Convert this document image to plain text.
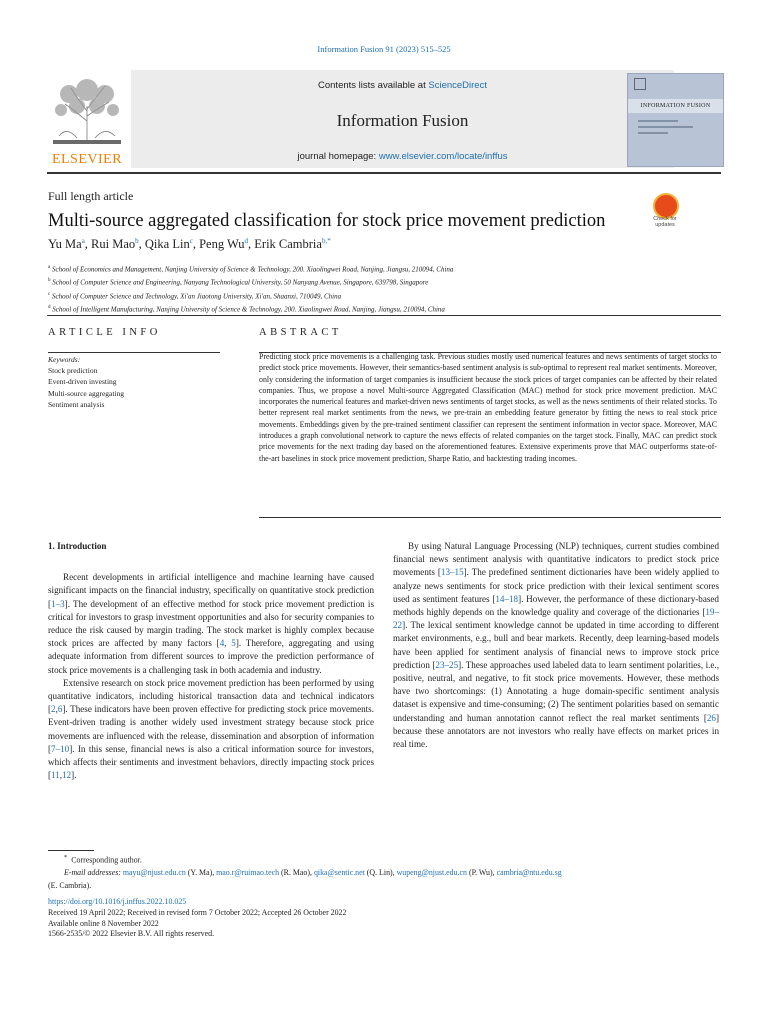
Information Fusion 91 (2023) 515–525
ELSEVIER
Contents lists available at ScienceDirect
Information Fusion
journal homepage: www.elsevier.com/locate/inffus
INFORMATION FUSION
Full length article
Multi-source aggregated classification for stock price movement prediction	Check for updates
Yu Ma$^a$, Rui Mao$^b$, Qika Lin$^c$, Peng Wu$^d$, Erik Cambria$^{b,*}$
$^a$ School of Economics and Management, Nanjing University of Science & Technology, 200. Xiaolingwei Road, Nanjing, Jiangsu, 210094, China
$^b$ School of Computer Science and Engineering, Nanyang Technological University, 50 Nanyang Avenue, Singapore, 639798, Singapore
$^c$ School of Computer Science and Technology, Xi'an Jiaotong University, Xi'an, Shaanxi, 710049, China
$^d$ School of Intelligent Manufacturing, Nanjing University of Science & Technology, 200. Xiaolingwei Road, Nanjing, Jiangsu, 210094, China
ARTICLE INFO	ABSTRACT
Keywords:
Stock prediction
Event-driven investing
Multi-source aggregating
Sentiment analysis
Predicting stock price movements is a challenging task. Previous studies mostly used numerical features and news sentiments of target stocks to predict stock price movements. However, their semantics-based sentiment analysis is sub-optimal to represent real market sentiments. Moreover, only considering the information of target companies is insufficient because the stock prices of target companies can be affected by their related companies. Thus, we propose a novel Multi-source Aggregated Classification (MAC) method for stock price movement prediction. MAC incorporates the numerical features and market-driven news sentiments of target stocks, as well as the news sentiments of their related stocks. To better represent real market sentiments from the news, we pre-train an embedding feature generator by fitting the news to real stock price movements. Embeddings given by the pre-trained sentiment classifier can represent the sentiment information in vector space. Moreover, MAC introduces a graph convolutional network to capture the news effects of related companies on the target stock. Finally, MAC can predict stock price movements for the next trading day based on the aforementioned features. Extensive experiments prove that MAC outperforms state-of-the-art baselines in stock price movement prediction, Sharpe Ratio, and backtesting trading incomes.
1. Introduction

Recent developments in artificial intelligence and machine learning have caused significant impacts on the financial industry, specifically on quantitative stock prediction [1–3]. The development of an effective method for stock price movement prediction is critical for investors to grasp investment opportunities and also for security companies to reduce the risk caused by margin trading. The stock market is highly complex because stock prices are affected by many factors [4, 5]. Therefore, aggregating and using adequate information from different sources to improve the prediction performance of stock price movements is a challenging task in both academia and industry.

Extensive research on stock price movement prediction has been performed by using quantitative indicators, including historical transaction data and technical indicators [2,6]. These indicators have been proven effective for predicting stock price movements. Event-driven trading is another widely used investment strategy because stock price movements are influenced with the release, dissemination and absorption of information [7–10]. In this sense, financial news is also a critical information source for investors, which affects their sentiments and investment behaviors, directly impacting stock prices [11,12].

By using Natural Language Processing (NLP) techniques, current studies combined financial news sentiment analysis with quantitative indicators to predict stock price movements [13–15]. The predefined sentiment dictionaries have been widely applied to analyze news sentiments for stock price prediction with their lexical sentiment scores used as sentiment features [14–18]. However, the performance of these dictionary-based methods highly depends on the knowledge quality and coverage of the dictionaries [19–22]. The lexical sentiment knowledge cannot be updated in time according to different market environments, e.g., bull and bear markets. Recently, deep learning-based models have been applied for sentiment analysis of financial news to improve stock price prediction [23–25]. These approaches used labeled data to learn sentiment polarities, i.e., positive, neutral, and negative, to fit stock price movements. However, these methods have two shortcomings: (1) Annotating a huge domain-specific sentiment analysis dataset is expensive and time-consuming; (2) The sentiment polarities based on semantic understanding and human annotation cannot reflect the real market sentiments [26] because these annotators are not investors who really have effects on market prices in real time.

* Corresponding author.
E-mail addresses: mayu@njust.edu.cn (Y. Ma), mao.r@ruimao.tech (R. Mao), qika@sentic.net (Q. Lin), wupeng@njust.edu.cn (P. Wu), cambria@ntu.edu.sg
(E. Cambria).
https://doi.org/10.1016/j.inffus.2022.10.025
Received 19 April 2022; Received in revised form 7 October 2022; Accepted 26 October 2022
Available online 8 November 2022
1566-2535/© 2022 Elsevier B.V. All rights reserved.
